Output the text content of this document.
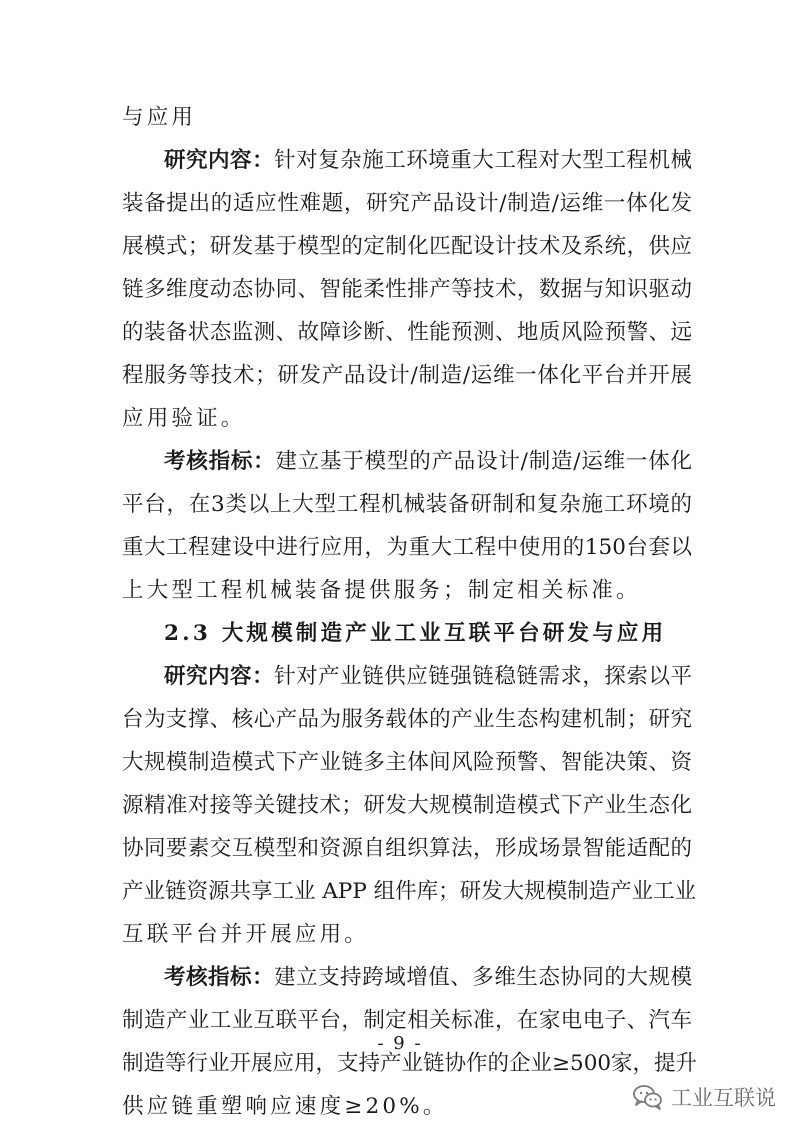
与应用
研究内容：针对复杂施工环境重大工程对大型工程机械
装备提出的适应性难题，研究产品设计/制造/运维一体化发
展模式；研发基于模型的定制化匹配设计技术及系统，供应
链多维度动态协同、智能柔性排产等技术，数据与知识驱动
的装备状态监测、故障诊断、性能预测、地质风险预警、远
程服务等技术；研发产品设计/制造/运维一体化平台并开展
应用验证。
考核指标：建立基于模型的产品设计/制造/运维一体化
平台，在3类以上大型工程机械装备研制和复杂施工环境的
重大工程建设中进行应用，为重大工程中使用的150台套以
上大型工程机械装备提供服务；制定相关标准。
2.3 大规模制造产业工业互联平台研发与应用
研究内容：针对产业链供应链强链稳链需求，探索以平
台为支撑、核心产品为服务载体的产业生态构建机制；研究
大规模制造模式下产业链多主体间风险预警、智能决策、资
源精准对接等关键技术；研发大规模制造模式下产业生态化
协同要素交互模型和资源自组织算法，形成场景智能适配的
产业链资源共享工业 APP 组件库；研发大规模制造产业工业
互联平台并开展应用。
考核指标：建立支持跨域增值、多维生态协同的大规模
制造产业工业互联平台，制定相关标准，在家电电子、汽车
制造等行业开展应用，支持产业链协作的企业≥500家，提升
供应链重塑响应速度≥20%。
- 9 -
工业互联说
